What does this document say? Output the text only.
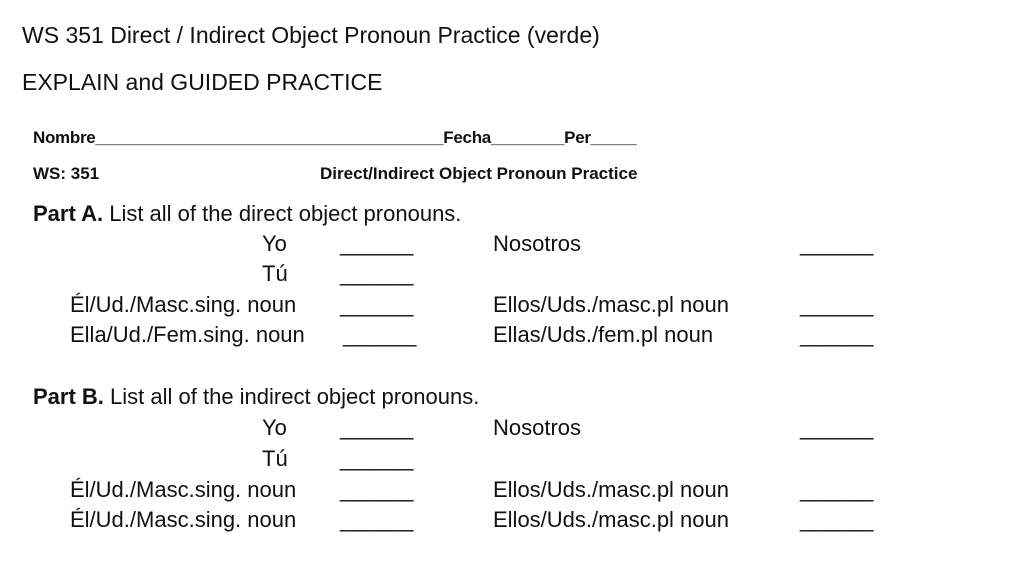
WS 351 Direct / Indirect Object Pronoun Practice (verde)
EXPLAIN and GUIDED PRACTICE
Nombre______________________________________Fecha________Per_____
WS: 351	Direct/Indirect Object Pronoun Practice
Part A. List all of the direct object pronouns.
Yo ______	Nosotros	______
Tú ______
Él/Ud./Masc.sing. noun ______	Ellos/Uds./masc.pl noun	______
Ella/Ud./Fem.sing. noun ______	Ellas/Uds./fem.pl noun	______
Part B. List all of the indirect object pronouns.
Yo ______	Nosotros	______
Tú ______
Él/Ud./Masc.sing. noun ______	Ellos/Uds./masc.pl noun	______
Él/Ud./Masc.sing. noun ______	Ellos/Uds./masc.pl noun	______
